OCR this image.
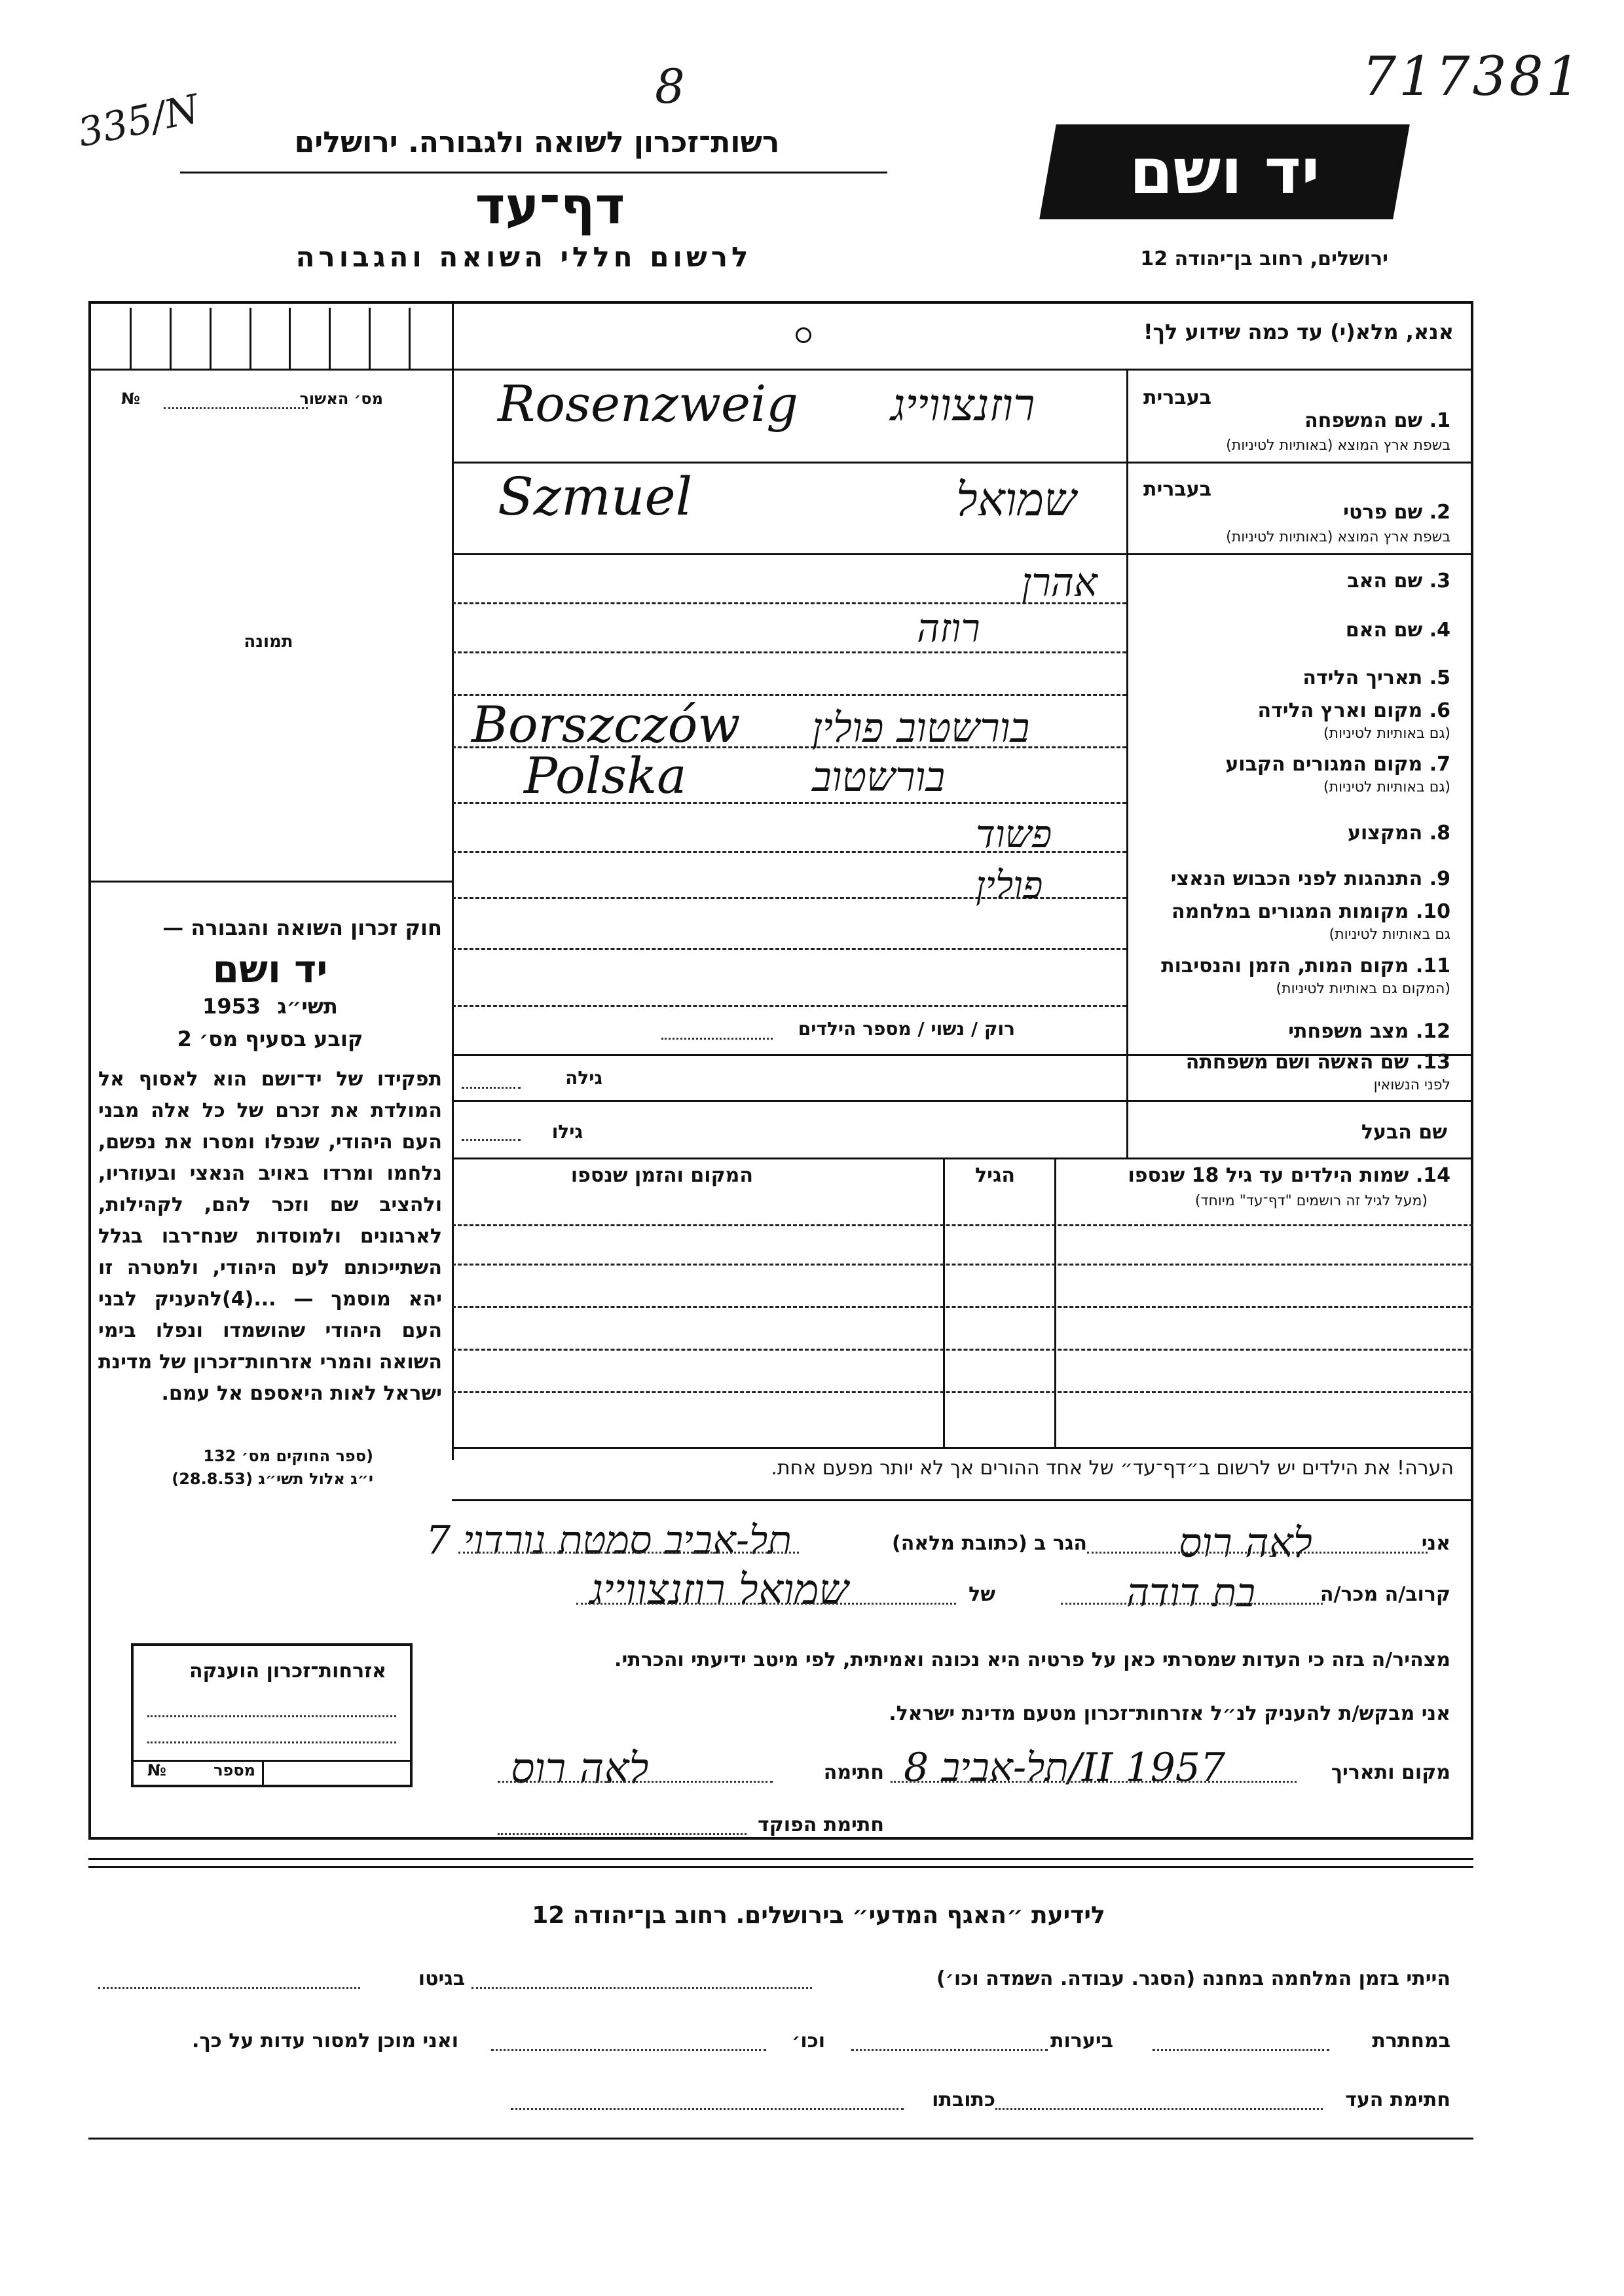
335/N	8	717381
רשות־זכרון לשואה ולגבורה. ירושלים
דף־עד
לרשום חללי השואה והגבורה
יד ושם
ירושלים, רחוב בן־יהודה 12
אנא, מלא(י) עד כמה שידוע לך!
מס׳ האשור
№
תמונה
חוק זכרון השואה והגבורה —
יד ושם
1953 תשי״ג
קובע בסעיף מס׳ 2
תפקידו של יד־ושם הוא לאסוף אל המולדת את זכרם של כל אלה מבני העם היהודי, שנפלו ומסרו את נפשם, נלחמו ומרדו באויב הנאצי ובעוזריו, ולהציב שם וזכר להם, לקהילות, לארגונים ולמוסדות שנח־רבו בגלל השתייכותם לעם היהודי, ולמטרה זו יהא מוסמך — ...(4)להעניק לבני העם היהודי שהושמדו ונפלו בימי השואה והמרי אזרחות־זכרון של מדינת ישראל לאות היאספם אל עמם.
(ספר החוקים מס׳ 132
י״ג אלול תשי״ג (28.8.53)
אזרחות־זכרון הוענקה
מספר
№
בעברית
1. שם המשפחה
בשפת ארץ המוצא (באותיות לטיניות)
רוזנצווייג
Rosenzweig
בעברית
2. שם פרטי
בשפת ארץ המוצא (באותיות לטיניות)
שמואל
Szmuel
3. שם האב
אהרן
4. שם האם
רוזה
5. תאריך הלידה
6. מקום וארץ הלידה
(גם באותיות לטיניות)
בורשטוב פולין
Borszczów
7. מקום המגורים הקבוע
(גם באותיות לטיניות)
בורשטוב
Polska
8. המקצוע
פשוד
9. התנהגות לפני הכבוש הנאצי
פולין
10. מקומות המגורים במלחמה
גם באותיות לטיניות)
11. מקום המות, הזמן והנסיבות
(המקום גם באותיות לטיניות)
12. מצב משפחתי
רוק / נשוי / מספר הילדים
13. שם האשה ושם משפחתה
לפני הנשואין
גילה
שם הבעל
גילו
14. שמות הילדים עד גיל 18 שנספו
(מעל לגיל זה רושמים "דף־עד" מיוחד)
הגיל
המקום והזמן שנספו
הערה! את הילדים יש לרשום ב״דף־עד״ של אחד ההורים אך לא יותר מפעם אחת.
אני
לאה רוס
הגר ב (כתובת מלאה)
תל-אביב סמטת נורדוי 7
קרוב/ה מכר/ה
בת דודה
של
שמואל רוזנצווייג
מצהיר/ה בזה כי העדות שמסרתי כאן על פרטיה היא נכונה ואמיתית, לפי מיטב ידיעתי והכרתי.
אני מבקש/ת להעניק לנ״ל אזרחות־זכרון מטעם מדינת ישראל.
מקום ותאריך
תל-אביב 8/II 1957
חתימה
לאה רוס
חתימת הפוקד
לידיעת ״האגף המדעי״ בירושלים. רחוב בן־יהודה 12
הייתי בזמן המלחמה במחנה (הסגר. עבודה. השמדה וכו׳)
בגיטו
במחתרת
ביערות
וכו׳
ואני מוכן למסור עדות על כך.
חתימת העד
כתובתו
